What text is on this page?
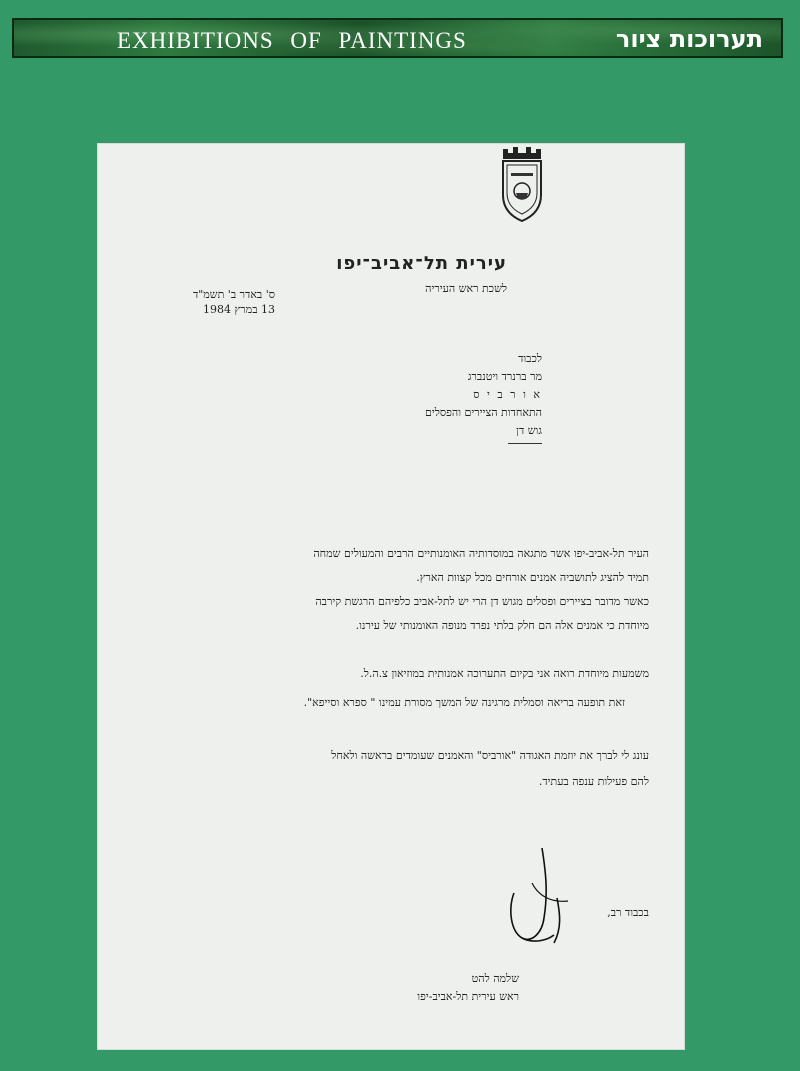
EXHIBITIONS OF PAINTINGS	תערוכות ציור
עירית תל־אביב־יפו
לשכת ראש העיריה
ס' באדר ב' תשמ"ד
13 במרץ 1984
לכבוד
מר ברנרד ויטנברג
א ו ר ב י ס
התאחדות הציירים והפסלים
גוש דן
העיר תל-אביב-יפו אשר מתגאה במוסדותיה האומנותיים הרבים והמעולים שמחה
תמיד להציג לתושביה אמנים אורחים מכל קצוות הארץ.
כאשר מדובר בציירים ופסלים מגוש דן הרי יש לתל-אביב כלפיהם הרגשת קירבה
מיוחדת כי אמנים אלה הם חלק בלתי נפרד מנופה האומנותי של עירנו.
משמעות מיוחדת רואה אני בקיום התערוכה אמנותית במוזיאון צ.ה.ל.
זאת תופעה בריאה וסמלית מרגינה של המשך מסורת עמינו " ספרא וסייפא".
עונג לי לברך את יוזמת האגודה "אורביס" והאמנים שעומדים בראשה ולאחל
להם פעילות ענפה בעתיד.
בכבוד רב,
שלמה להט
ראש עירית תל-אביב-יפו
